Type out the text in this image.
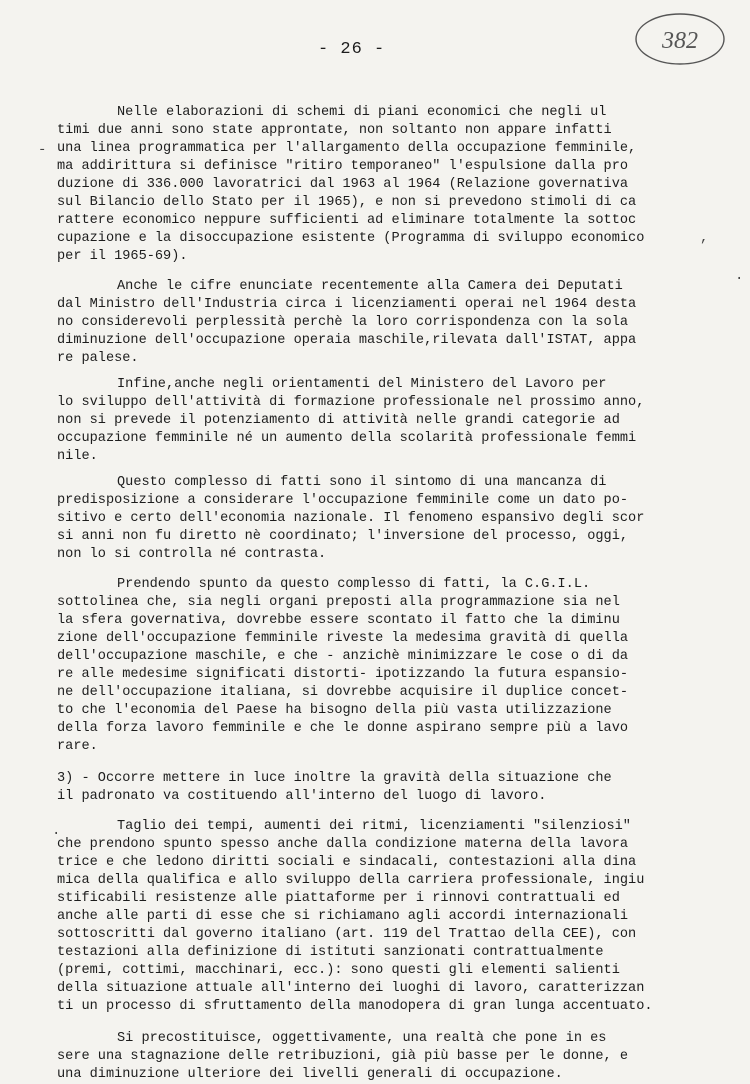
- 26 -	382
Nelle elaborazioni di schemi di piani economici che negli ul
timi due anni sono state approntate, non soltanto non appare infatti
una linea programmatica per l'allargamento della occupazione femminile,
ma addirittura si definisce "ritiro temporaneo" l'espulsione dalla pro
duzione di 336.000 lavoratrici dal 1963 al 1964 (Relazione governativa
sul Bilancio dello Stato per il 1965), e non si prevedono stimoli di ca
rattere economico neppure sufficienti ad eliminare totalmente la sottoc
cupazione e la disoccupazione esistente (Programma di sviluppo economico
per il 1965-69).
Anche le cifre enunciate recentemente alla Camera dei Deputati
dal Ministro dell'Industria circa i licenziamenti operai nel 1964 desta
no considerevoli perplessità perchè la loro corrispondenza con la sola
diminuzione dell'occupazione operaia maschile,rilevata dall'ISTAT, appa
re palese.
Infine,anche negli orientamenti del Ministero del Lavoro per
lo sviluppo dell'attività di formazione professionale nel prossimo anno,
non si prevede il potenziamento di attività nelle grandi categorie ad
occupazione femminile né un aumento della scolarità professionale femmi
nile.
Questo complesso di fatti sono il sintomo di una mancanza di
predisposizione a considerare l'occupazione femminile come un dato po-
sitivo e certo dell'economia nazionale. Il fenomeno espansivo degli scor
si anni non fu diretto nè coordinato; l'inversione del processo, oggi,
non lo si controlla né contrasta.
Prendendo spunto da questo complesso di fatti, la C.G.I.L.
sottolinea che, sia negli organi preposti alla programmazione sia nel
la sfera governativa, dovrebbe essere scontato il fatto che la diminu
zione dell'occupazione femminile riveste la medesima gravità di quella
dell'occupazione maschile, e che - anzichè minimizzare le cose o di da
re alle medesime significati distorti- ipotizzando la futura espansio-
ne dell'occupazione italiana, si dovrebbe acquisire il duplice concet-
to che l'economia del Paese ha bisogno della più vasta utilizzazione
della forza lavoro femminile e che le donne aspirano sempre più a lavo
rare.
3) - Occorre mettere in luce inoltre la gravità della situazione che
il padronato va costituendo all'interno del luogo di lavoro.
Taglio dei tempi, aumenti dei ritmi, licenziamenti "silenziosi"
che prendono spunto spesso anche dalla condizione materna della lavora
trice e che ledono diritti sociali e sindacali, contestazioni alla dina
mica della qualifica e allo sviluppo della carriera professionale, ingiu
stificabili resistenze alle piattaforme per i rinnovi contrattuali ed
anche alle parti di esse che si richiamano agli accordi internazionali
sottoscritti dal governo italiano (art. 119 del Trattao della CEE), con
testazioni alla definizione di istituti sanzionati contrattualmente
(premi, cottimi, macchinari, ecc.): sono questi gli elementi salienti
della situazione attuale all'interno dei luoghi di lavoro, caratterizzan
ti un processo di sfruttamento della manodopera di gran lunga accentuato.
Si precostituisce, oggettivamente, una realtà che pone in es
sere una stagnazione delle retribuzioni, già più basse per le donne, e
una diminuzione ulteriore dei livelli generali di occupazione.
-
,
.
.
